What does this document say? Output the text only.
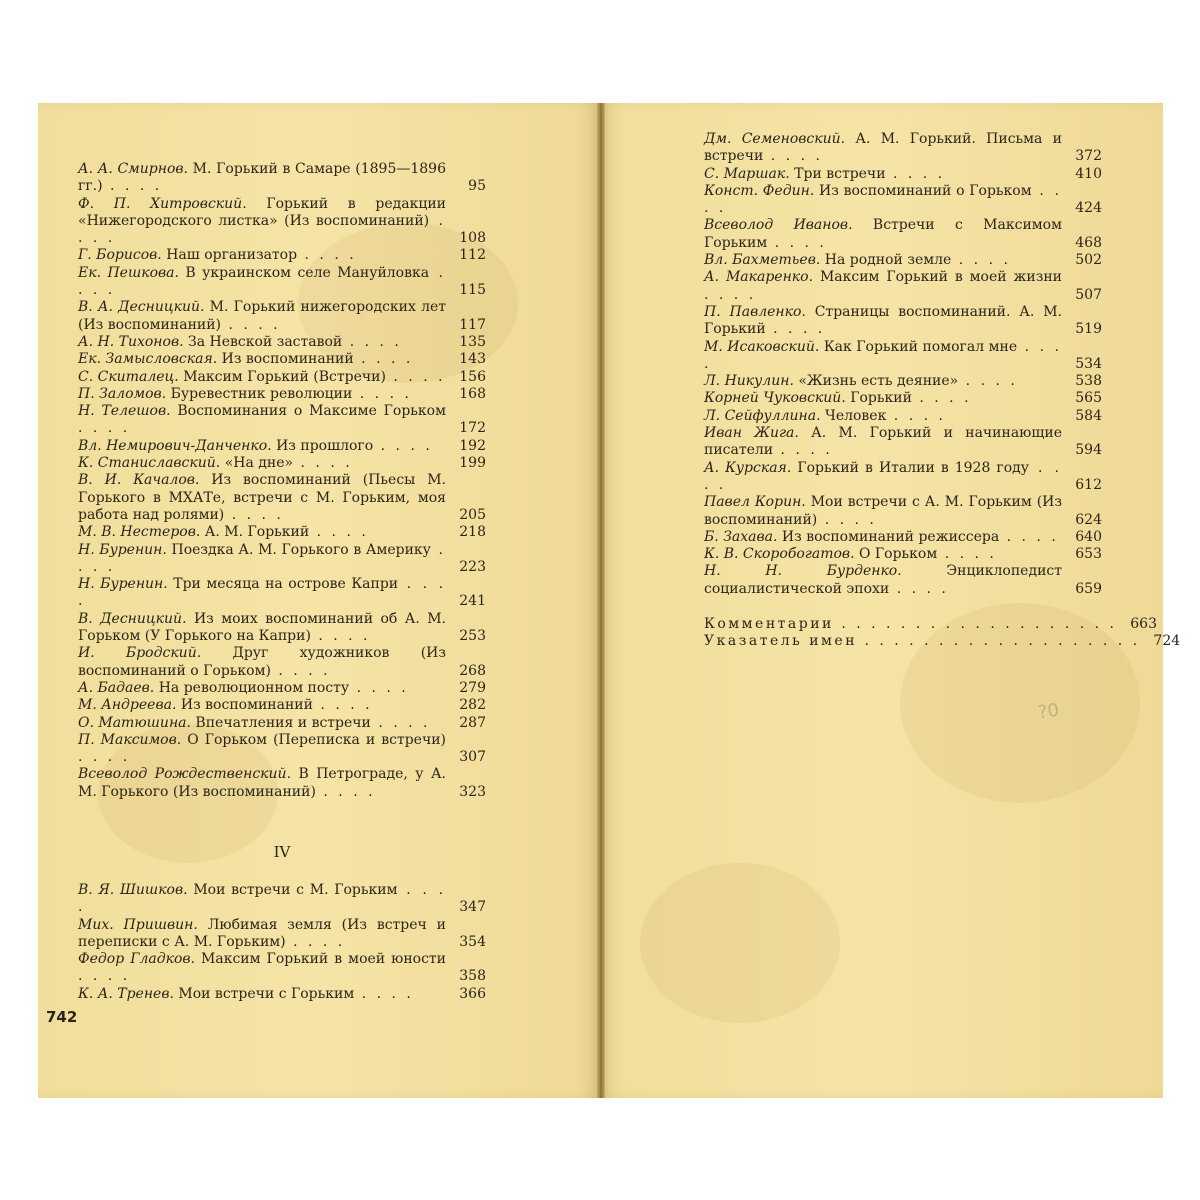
А. А. Смирнов. М. Горький в Самаре (1895—1896 гг.) . . . .	95
Ф. П. Хитровский. Горький в редакции «Нижегородского листка» (Из воспоминаний) . . . .	108
Г. Борисов. Наш организатор . . . .	112
Ек. Пешкова. В украинском селе Мануйловка . . . .	115
В. А. Десницкий. М. Горький нижегородских лет (Из воспоминаний) . . . .	117
А. Н. Тихонов. За Невской заставой . . . .	135
Ек. Замысловская. Из воспоминаний . . . .	143
С. Скиталец. Максим Горький (Встречи) . . . . 156
П. Заломов. Буревестник революции . . . .	168
Н. Телешов. Воспоминания о Максиме Горьком . . . .	172
Вл. Немирович-Данченко. Из прошлого . . . .	192
К. Станиславский. «На дне» . . . .	199
В. И. Качалов. Из воспоминаний (Пьесы М. Горького в МХАТе, встречи с М. Горьким, моя работа над ролями) . . . .	205
М. В. Нестеров. А. М. Горький . . . .	218
Н. Буренин. Поездка А. М. Горького в Америку . . . .	223
Н. Буренин. Три месяца на острове Капри . . . .	241
В. Десницкий. Из моих воспоминаний об А. М. Горьком (У Горького на Капри) . . . .	253
И. Бродский. Друг художников (Из воспоминаний о Горьком) . . . .	268
А. Бадаев. На революционном посту . . . .	279
М. Андреева. Из воспоминаний . . . .	282
О. Матюшина. Впечатления и встречи . . . .	287
П. Максимов. О Горьком (Переписка и встречи) . . . .	307
Всеволод Рождественский. В Петрограде, у А. М. Горького (Из воспоминаний) . . . .	323
IV
В. Я. Шишков. Мои встречи с М. Горьким . . . .	347
Мих. Пришвин. Любимая земля (Из встреч и переписки с А. М. Горьким) . . . .	354
Федор Гладков. Максим Горький в моей юности . . . .	358
К. А. Тренев. Мои встречи с Горьким . . . .	366
742
Дм. Семеновский. А. М. Горький. Письма и встречи . . . .	372
С. Маршак. Три встречи . . . .	410
Конст. Федин. Из воспоминаний о Горьком . . . .	424
Всеволод Иванов. Встречи с Максимом Горьким . . . .	468
Вл. Бахметьев. На родной земле . . . .	502
А. Макаренко. Максим Горький в моей жизни . . . .	507
П. Павленко. Страницы воспоминаний. А. М. Горький . . . .	519
М. Исаковский. Как Горький помогал мне . . . .	534
Л. Никулин. «Жизнь есть деяние» . . . .	538
Корней Чуковский. Горький . . . .	565
Л. Сейфуллина. Человек . . . .	584
Иван Жига. А. М. Горький и начинающие писатели . . . .	594
А. Курская. Горький в Италии в 1928 году . . . .	612
Павел Корин. Мои встречи с А. М. Горьким (Из воспоминаний) . . . .	624
Б. Захава. Из воспоминаний режиссера . . . .	640
К. В. Скоробогатов. О Горьком . . . .	653
Н. Н. Бурденко.	Энциклопедист социалистической эпохи . . . .	659
Комментарии . . . . . . . . . . . . . . . . . . . 663
Указатель имен . . . . . . . . . . . . . . . . . . . 724
?0
